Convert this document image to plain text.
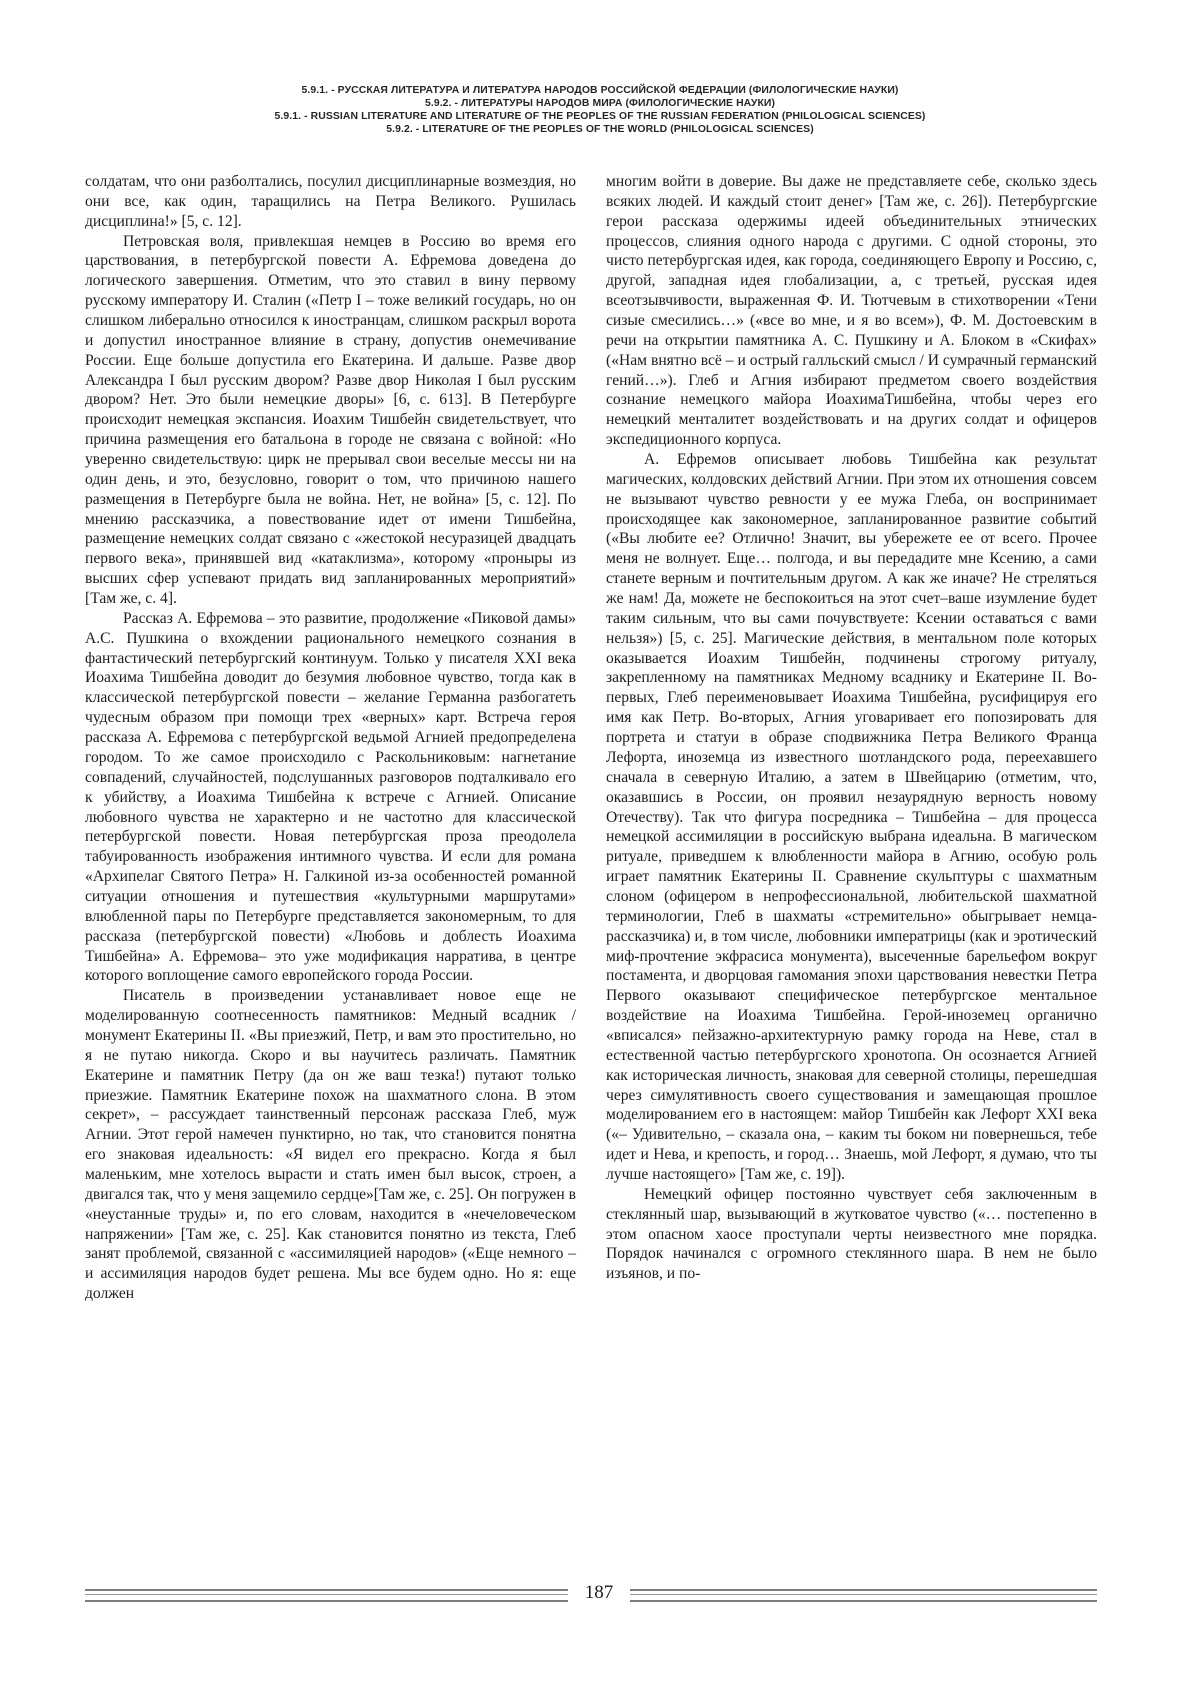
5.9.1. - РУССКАЯ ЛИТЕРАТУРА И ЛИТЕРАТУРА НАРОДОВ РОССИЙСКОЙ ФЕДЕРАЦИИ (ФИЛОЛОГИЧЕСКИЕ НАУКИ)
5.9.2. - ЛИТЕРАТУРЫ НАРОДОВ МИРА (ФИЛОЛОГИЧЕСКИЕ НАУКИ)
5.9.1. - RUSSIAN LITERATURE AND LITERATURE OF THE PEOPLES OF THE RUSSIAN FEDERATION (PHILOLOGICAL SCIENCES)
5.9.2. - LITERATURE OF THE PEOPLES OF THE WORLD (PHILOLOGICAL SCIENCES)

солдатам, что они разболтались, посулил дисциплинарные возмездия, но они все, как один, таращились на Петра Великого. Рушилась дисциплина!» [5, с. 12].

Петровская воля, привлекшая немцев в Россию во время его царствования, в петербургской повести А. Ефремова доведена до логического завершения. Отметим, что это ставил в вину первому русскому императору И. Сталин («Петр I – тоже великий государь, но он слишком либерально относился к иностранцам, слишком раскрыл ворота и допустил иностранное влияние в страну, допустив онемечивание России. Еще больше допустила его Екатерина. И дальше. Разве двор Александра I был русским двором? Разве двор Николая I был русским двором? Нет. Это были немецкие дворы» [6, с. 613]. В Петербурге происходит немецкая экспансия. Иоахим Тишбейн свидетельствует, что причина размещения его батальона в городе не связана с войной: «Но уверенно свидетельствую: цирк не прерывал свои веселые мессы ни на один день, и это, безусловно, говорит о том, что причиною нашего размещения в Петербурге была не война. Нет, не война» [5, с. 12]. По мнению рассказчика, а повествование идет от имени Тишбейна, размещение немецких солдат связано с «жестокой несуразицей двадцать первого века», принявшей вид «катаклизма», которому «проныры из высших сфер успевают придать вид запланированных мероприятий» [Там же, с. 4].

Рассказ А. Ефремова – это развитие, продолжение «Пиковой дамы» А.С. Пушкина о вхождении рационального немецкого сознания в фантастический петербургский континуум. Только у писателя XXI века Иоахима Тишбейна доводит до безумия любовное чувство, тогда как в классической петербургской повести – желание Германна разбогатеть чудесным образом при помощи трех «верных» карт. Встреча героя рассказа А. Ефремова с петербургской ведьмой Агнией предопределена городом. То же самое происходило с Раскольниковым: нагнетание совпадений, случайностей, подслушанных разговоров подталкивало его к убийству, а Иоахима Тишбейна к встрече с Агнией. Описание любовного чувства не характерно и не частотно для классической петербургской повести. Новая петербургская проза преодолела табуированность изображения интимного чувства. И если для романа «Архипелаг Святого Петра» Н. Галкиной из-за особенностей романной ситуации отношения и путешествия «культурными маршрутами» влюбленной пары по Петербурге представляется закономерным, то для рассказа (петербургской повести) «Любовь и доблесть Иоахима Тишбейна» А. Ефремова– это уже модификация нарратива, в центре которого воплощение самого европейского города России.

Писатель в произведении устанавливает новое еще не моделированную соотнесенность памятников: Медный всадник / монумент Екатерины II. «Вы приезжий, Петр, и вам это простительно, но я не путаю никогда. Скоро и вы научитесь различать. Памятник Екатерине и памятник Петру (да он же ваш тезка!) путают только приезжие. Памятник Екатерине похож на шахматного слона. В этом секрет», – рассуждает таинственный персонаж рассказа Глеб, муж Агнии. Этот герой намечен пунктирно, но так, что становится понятна его знаковая идеальность: «Я видел его прекрасно. Когда я был маленьким, мне хотелось вырасти и стать имен был высок, строен, а двигался так, что у меня защемило сердце»[Там же, с. 25]. Он погружен в «неустанные труды» и, по его словам, находится в «нечеловеческом напряжении» [Там же, с. 25]. Как становится понятно из текста, Глеб занят проблемой, связанной с «ассимиляцией народов» («Еще немного – и ассимиляция народов будет решена. Мы все будем одно. Но я: еще должен

многим войти в доверие. Вы даже не представляете себе, сколько здесь всяких людей. И каждый стоит денег» [Там же, с. 26]). Петербургские герои рассказа одержимы идеей объединительных этнических процессов, слияния одного народа с другими. С одной стороны, это чисто петербургская идея, как города, соединяющего Европу и Россию, с, другой, западная идея глобализации, а, с третьей, русская идея всеотзывчивости, выраженная Ф. И. Тютчевым в стихотворении «Тени сизые смесились…» («все во мне, и я во всем»), Ф. М. Достоевским в речи на открытии памятника А. С. Пушкину и А. Блоком в «Скифах» («Нам внятно всё – и острый галльский смысл / И сумрачный германский гений…»). Глеб и Агния избирают предметом своего воздействия сознание немецкого майора ИоахимаТишбейна, чтобы через его немецкий менталитет воздействовать и на других солдат и офицеров экспедиционного корпуса.

А. Ефремов описывает любовь Тишбейна как результат магических, колдовских действий Агнии. При этом их отношения совсем не вызывают чувство ревности у ее мужа Глеба, он воспринимает происходящее как закономерное, запланированное развитие событий («Вы любите ее? Отлично! Значит, вы убережете ее от всего. Прочее меня не волнует. Еще… полгода, и вы передадите мне Ксению, а сами станете верным и почтительным другом. А как же иначе? Не стреляться же нам! Да, можете не беспокоиться на этот счет–ваше изумление будет таким сильным, что вы сами почувствуете: Ксении оставаться с вами нельзя») [5, с. 25]. Магические действия, в ментальном поле которых оказывается Иоахим Тишбейн, подчинены строгому ритуалу, закрепленному на памятниках Медному всаднику и Екатерине II. Во-первых, Глеб переименовывает Иоахима Тишбейна, русифицируя его имя как Петр. Во-вторых, Агния уговаривает его попозировать для портрета и статуи в образе сподвижника Петра Великого Франца Лефорта, иноземца из известного шотландского рода, переехавшего сначала в северную Италию, а затем в Швейцарию (отметим, что, оказавшись в России, он проявил незаурядную верность новому Отечеству). Так что фигура посредника – Тишбейна – для процесса немецкой ассимиляции в российскую выбрана идеальна. В магическом ритуале, приведшем к влюбленности майора в Агнию, особую роль играет памятник Екатерины II. Сравнение скульптуры с шахматным слоном (офицером в непрофессиональной, любительской шахматной терминологии, Глеб в шахматы «стремительно» обыгрывает немца-рассказчика) и, в том числе, любовники императрицы (как и эротический миф-прочтение экфрасиса монумента), высеченные барельефом вокруг постамента, и дворцовая гамомания эпохи царствования невестки Петра Первого оказывают специфическое петербургское ментальное воздействие на Иоахима Тишбейна. Герой-иноземец органично «вписался» пейзажно-архитектурную рамку города на Неве, стал в естественной частью петербургского хронотопа. Он осознается Агнией как историческая личность, знаковая для северной столицы, перешедшая через симулятивность своего существования и замещающая прошлое моделированием его в настоящем: майор Тишбейн как Лефорт XXI века («– Удивительно, – сказала она, – каким ты боком ни повернешься, тебе идет и Нева, и крепость, и город… Знаешь, мой Лефорт, я думаю, что ты лучше настоящего» [Там же, с. 19]).

Немецкий офицер постоянно чувствует себя заключенным в стеклянный шар, вызывающий в жутковатое чувство («… постепенно в этом опасном хаосе проступали черты неизвестного мне порядка. Порядок начинался с огромного стеклянного шара. В нем не было изъянов, и по-

187
